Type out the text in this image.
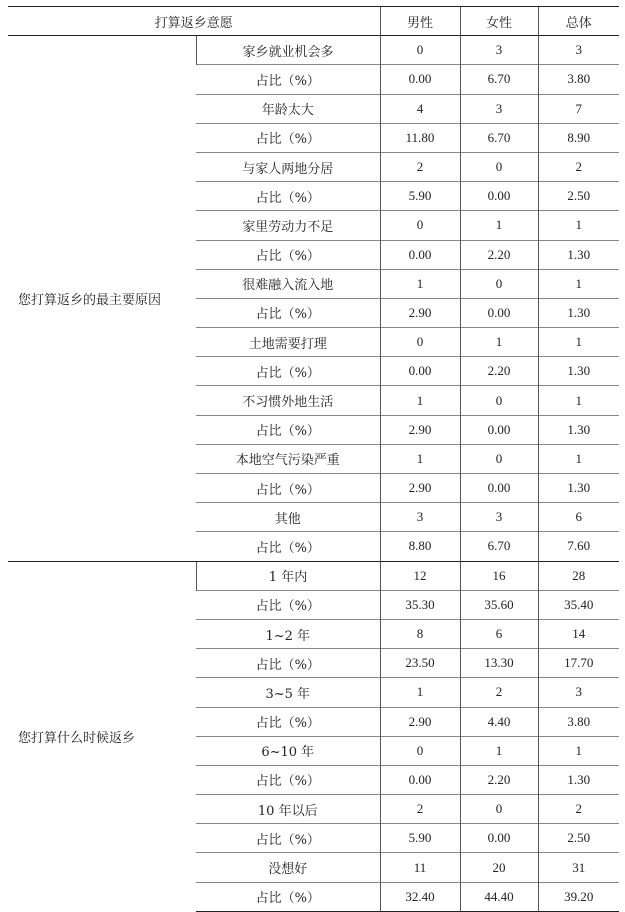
打算返乡意愿		男性	女性	总体
您打算返乡的最主要原因	家乡就业机会多	0	3	3
	占比（%）	0.00	6.70	3.80
	年龄太大	4	3	7
	占比（%）	11.80	6.70	8.90
	与家人两地分居	2	0	2
	占比（%）	5.90	0.00	2.50
	家里劳动力不足	0	1	1
	占比（%）	0.00	2.20	1.30
	很难融入流入地	1	0	1
	占比（%）	2.90	0.00	1.30
	土地需要打理	0	1	1
	占比（%）	0.00	2.20	1.30
	不习惯外地生活	1	0	1
	占比（%）	2.90	0.00	1.30
	本地空气污染严重	1	0	1
	占比（%）	2.90	0.00	1.30
	其他	3	3	6
	占比（%）	8.80	6.70	7.60
您打算什么时候返乡	1 年内	12	16	28
	占比（%）	35.30	35.60	35.40
	1~2 年	8	6	14
	占比（%）	23.50	13.30	17.70
	3~5 年	1	2	3
	占比（%）	2.90	4.40	3.80
	6~10 年	0	1	1
	占比（%）	0.00	2.20	1.30
	10 年以后	2	0	2
	占比（%）	5.90	0.00	2.50
	没想好	11	20	31
	占比（%）	32.40	44.40	39.20
